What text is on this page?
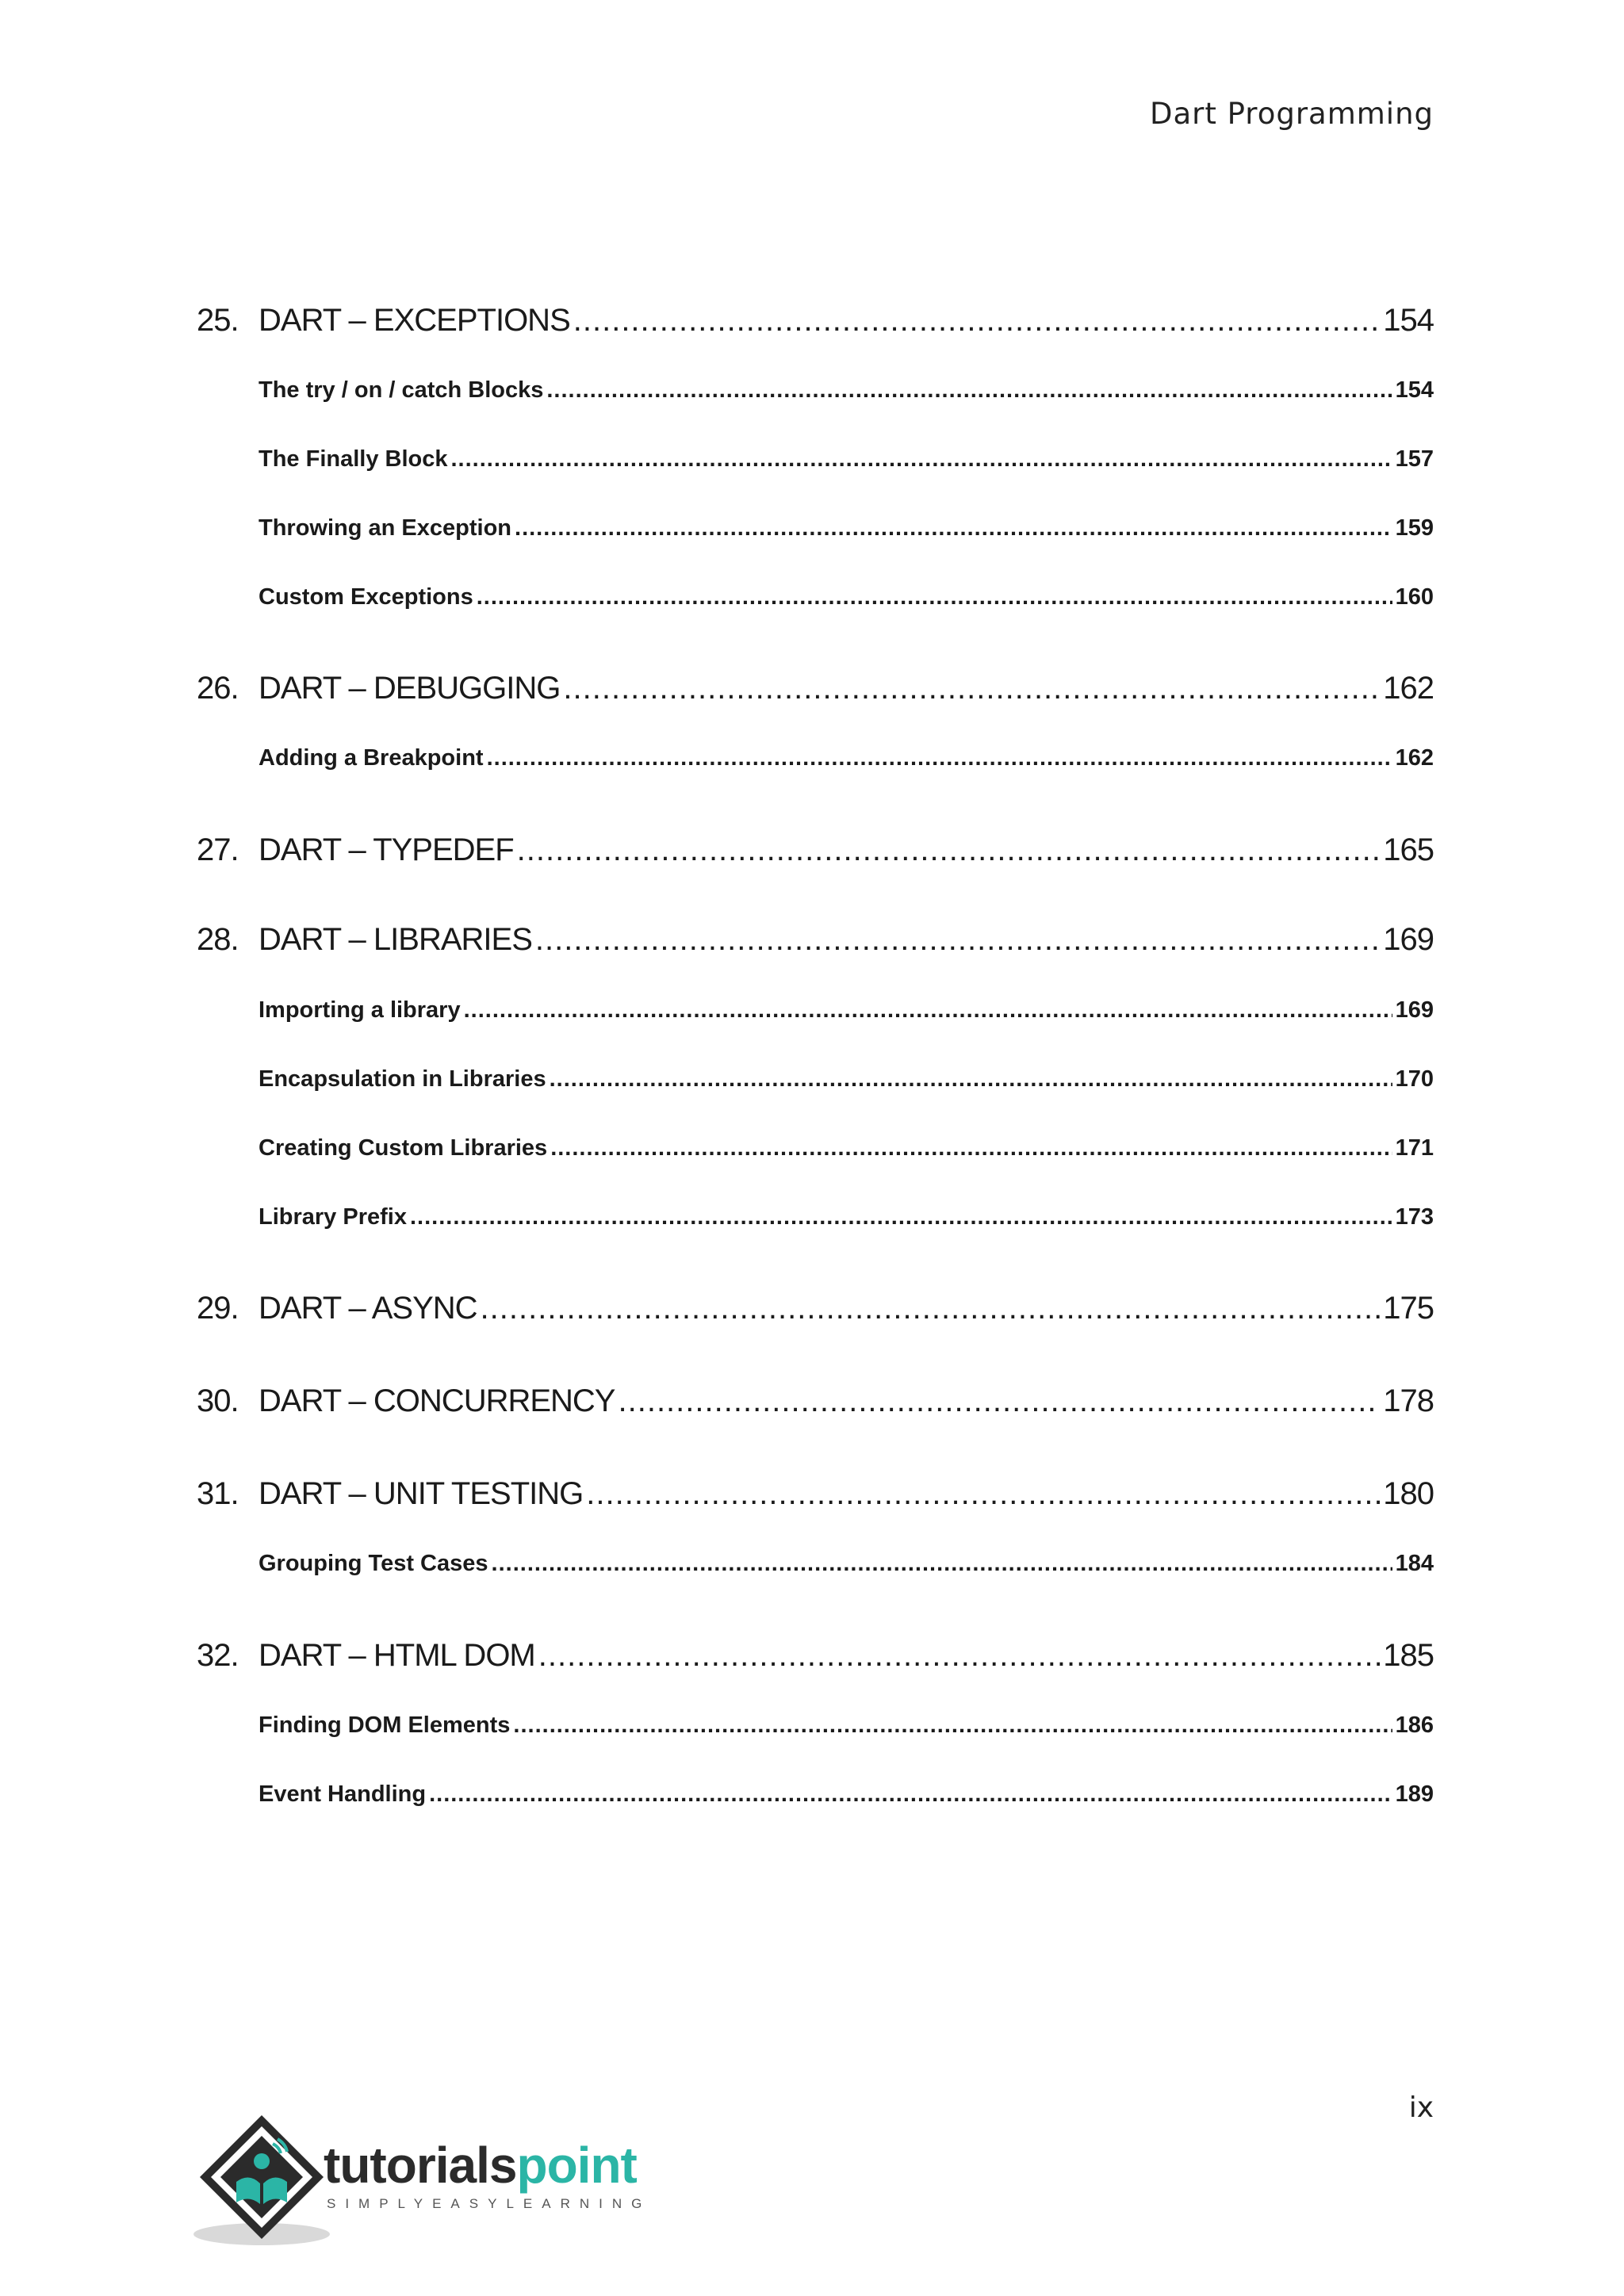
Dart Programming
25. DART – EXCEPTIONS .....	154
The try / on / catch Blocks .....	154
The Finally Block .....	157
Throwing an Exception .....	159
Custom Exceptions .....	160
26. DART – DEBUGGING .....	162
Adding a Breakpoint .....	162
27. DART – TYPEDEF .....	165
28. DART – LIBRARIES .....	169
Importing a library .....	169
Encapsulation in Libraries .....	170
Creating Custom Libraries .....	171
Library Prefix .....	173
29. DART – ASYNC .....	175
30. DART – CONCURRENCY .....	178
31. DART – UNIT TESTING .....	180
Grouping Test Cases .....	184
32. DART – HTML DOM .....	185
Finding DOM Elements .....	186
Event Handling .....	189
ix
tutorialspoint
SIMPLYEASYLEARNING
